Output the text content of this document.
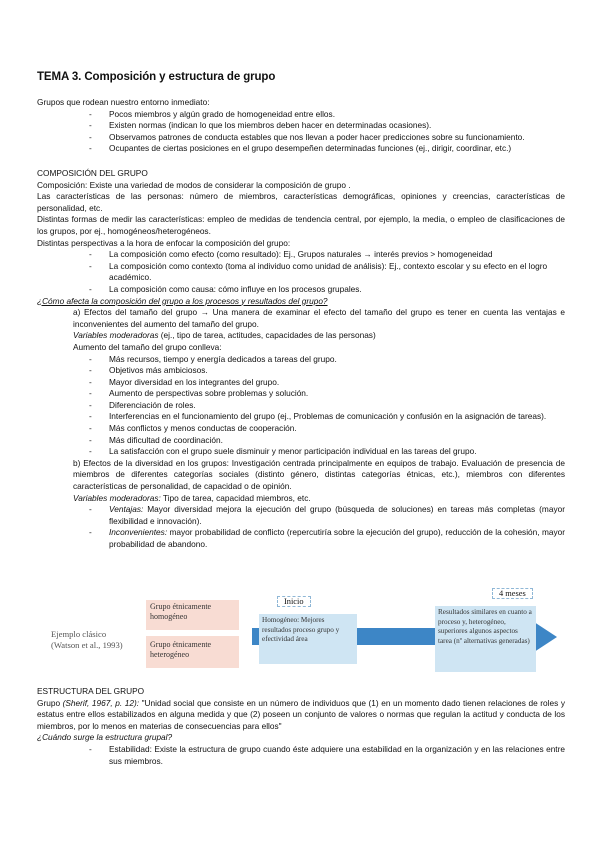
TEMA 3. Composición y estructura de grupo
Grupos que rodean nuestro entorno inmediato:
- Pocos miembros y algún grado de homogeneidad entre ellos.
- Existen normas (indican lo que los miembros deben hacer en determinadas ocasiones).
- Observamos patrones de conducta estables que nos llevan a poder hacer predicciones sobre su funcionamiento.
- Ocupantes de ciertas posiciones en el grupo desempeñen determinadas funciones (ej., dirigir, coordinar, etc.)
COMPOSICIÓN DEL GRUPO
Composición: Existe una variedad de modos de considerar la composición de grupo .
Las características de las personas: número de miembros, características demográficas, opiniones y creencias, características de personalidad, etc.
Distintas formas de medir las características: empleo de medidas de tendencia central, por ejemplo, la media, o empleo de clasificaciones de los grupos, por ej., homogéneos/heterogéneos.
Distintas perspectivas a la hora de enfocar la composición del grupo:
- La composición como efecto (como resultado): Ej., Grupos naturales → interés previos > homogeneidad
- La composición como contexto (toma al individuo como unidad de análisis): Ej., contexto escolar y su efecto en el logro académico.
- La composición como causa: cómo influye en los procesos grupales.
¿Cómo afecta la composición del grupo a los procesos y resultados del grupo?
a) Efectos del tamaño del grupo → Una manera de examinar el efecto del tamaño del grupo es tener en cuenta las ventajas e inconvenientes del aumento del tamaño del grupo.
Variables moderadoras (ej., tipo de tarea, actitudes, capacidades de las personas)
Aumento del tamaño del grupo conlleva:
- Más recursos, tiempo y energía dedicados a tareas del grupo.
- Objetivos más ambiciosos.
- Mayor diversidad en los integrantes del grupo.
- Aumento de perspectivas sobre problemas y solución.
- Diferenciación de roles.
- Interferencias en el funcionamiento del grupo (ej., Problemas de comunicación y confusión en la asignación de tareas).
- Más conflictos y menos conductas de cooperación.
- Más dificultad de coordinación.
- La satisfacción con el grupo suele disminuir y menor participación individual en las tareas del grupo.
b) Efectos de la diversidad en los grupos: Investigación centrada principalmente en equipos de trabajo. Evaluación de presencia de miembros de diferentes categorías sociales (distinto género, distintas categorías étnicas, etc.), miembros con diferentes características de personalidad, de capacidad o de opinión.
Variables moderadoras: Tipo de tarea, capacidad miembros, etc.
- Ventajas: Mayor diversidad mejora la ejecución del grupo (búsqueda de soluciones) en tareas más completas (mayor flexibilidad e innovación).
- Inconvenientes: mayor probabilidad de conflicto (repercutiría sobre la ejecución del grupo), reducción de la cohesión, mayor probabilidad de abandono.
Ejemplo clásico
(Watson et al., 1993)
Grupo étnicamente
homogéneo
Grupo étnicamente
heterogéneo
Inicio
4 meses
Homogéneo: Mejores resultados proceso grupo y efectividad área
Resultados similares en cuanto a proceso y, heterogéneo, superiores algunos aspectos tarea (nº alternativas generadas)
ESTRUCTURA DEL GRUPO
Grupo (Sherif, 1967, p. 12): "Unidad social que consiste en un número de individuos que (1) en un momento dado tienen relaciones de roles y estatus entre ellos estabilizados en alguna medida y que (2) poseen un conjunto de valores o normas que regulan la actitud y conducta de los miembros, por lo menos en materias de consecuencias para ellos"
¿Cuándo surge la estructura grupal?
- Estabilidad: Existe la estructura de grupo cuando éste adquiere una estabilidad en la organización y en las relaciones entre sus miembros.
